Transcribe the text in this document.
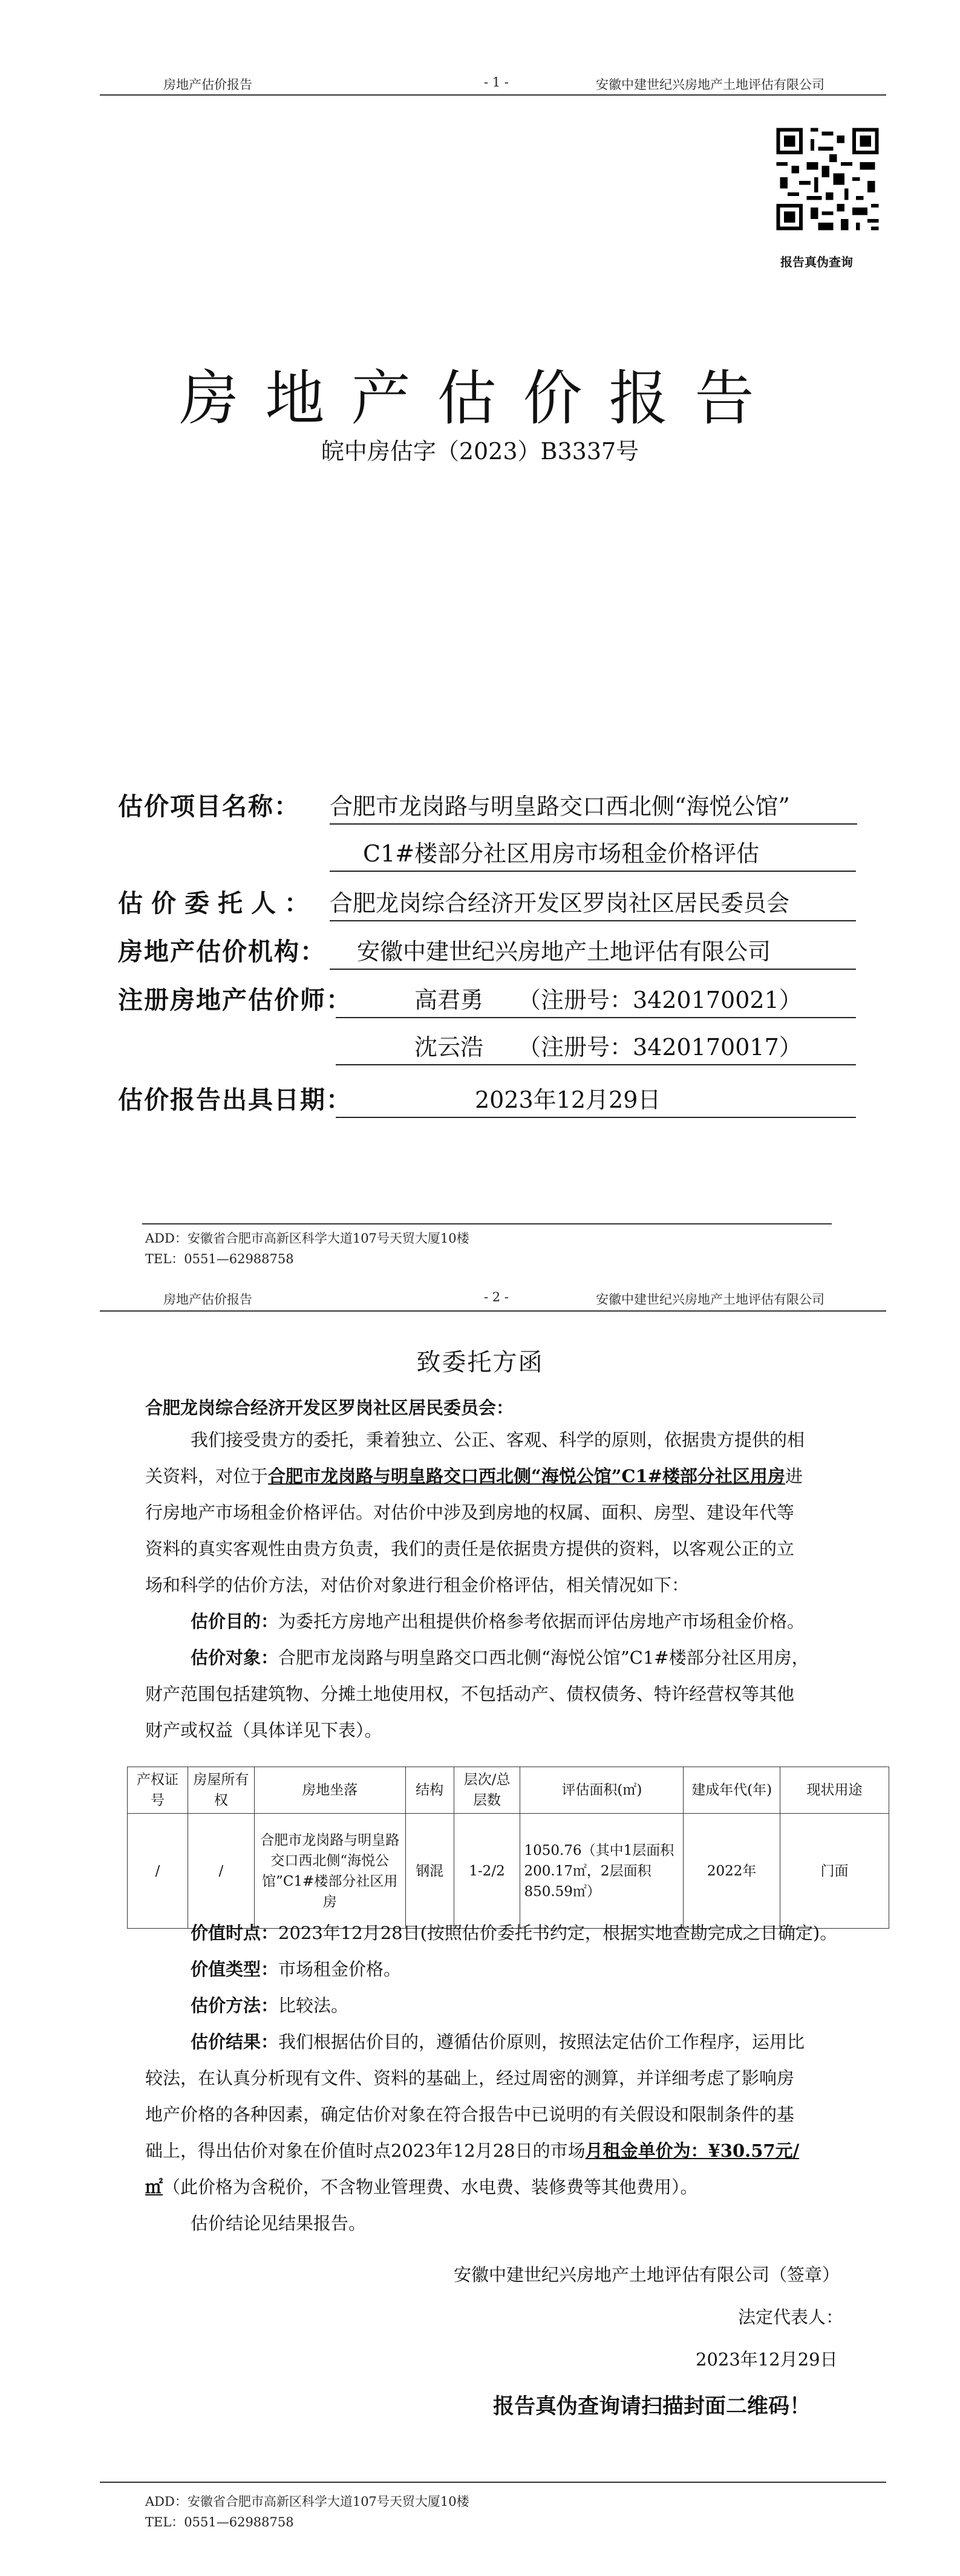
房地产估价报告	- 1 -	安徽中建世纪兴房地产土地评估有限公司
报告真伪查询
房地产估价报告
皖中房估字（2023）B3337号
估价项目名称： 合肥市龙岗路与明皇路交口西北侧“海悦公馆”
C1#楼部分社区用房市场租金价格评估
估价委托人： 合肥龙岗综合经济开发区罗岗社区居民委员会
房地产估价机构：	安徽中建世纪兴房地产土地评估有限公司
注册房地产估价师：	高君勇　　（注册号：3420170021）
沈云浩　　（注册号：3420170017）
估价报告出具日期：	2023年12月29日
ADD：安徽省合肥市高新区科学大道107号天贸大厦10楼
TEL：0551—62988758
房地产估价报告	- 2 -	安徽中建世纪兴房地产土地评估有限公司
致委托方函
合肥龙岗综合经济开发区罗岗社区居民委员会：
我们接受贵方的委托，秉着独立、公正、客观、科学的原则，依据贵方提供的相
关资料，对位于合肥市龙岗路与明皇路交口西北侧“海悦公馆”C1#楼部分社区用房进
行房地产市场租金价格评估。对估价中涉及到房地的权属、面积、房型、建设年代等
资料的真实客观性由贵方负责，我们的责任是依据贵方提供的资料，以客观公正的立
场和科学的估价方法，对估价对象进行租金价格评估，相关情况如下：
估价目的：为委托方房地产出租提供价格参考依据而评估房地产市场租金价格。
估价对象：合肥市龙岗路与明皇路交口西北侧“海悦公馆”C1#楼部分社区用房，
财产范围包括建筑物、分摊土地使用权，不包括动产、债权债务、特许经营权等其他
财产或权益（具体详见下表）。
产权证号	房屋所有权	房地坐落	结构	层次/总层数	评估面积(㎡)	建成年代(年)	现状用途
/	/	合肥市龙岗路与明皇路交口西北侧“海悦公馆”C1#楼部分社区用房	钢混	1-2/2	1050.76（其中1层面积200.17㎡，2层面积850.59㎡）	2022年	门面
价值时点：2023年12月28日(按照估价委托书约定，根据实地查勘完成之日确定)。
价值类型：市场租金价格。
估价方法：比较法。
估价结果：我们根据估价目的，遵循估价原则，按照法定估价工作程序，运用比
较法，在认真分析现有文件、资料的基础上，经过周密的测算，并详细考虑了影响房
地产价格的各种因素，确定估价对象在符合报告中已说明的有关假设和限制条件的基
础上，得出估价对象在价值时点2023年12月28日的市场月租金单价为：¥30.57元/
㎡（此价格为含税价，不含物业管理费、水电费、装修费等其他费用）。
估价结论见结果报告。
安徽中建世纪兴房地产土地评估有限公司（签章）
法定代表人：
2023年12月29日
报告真伪查询请扫描封面二维码！
ADD：安徽省合肥市高新区科学大道107号天贸大厦10楼
TEL：0551—62988758
